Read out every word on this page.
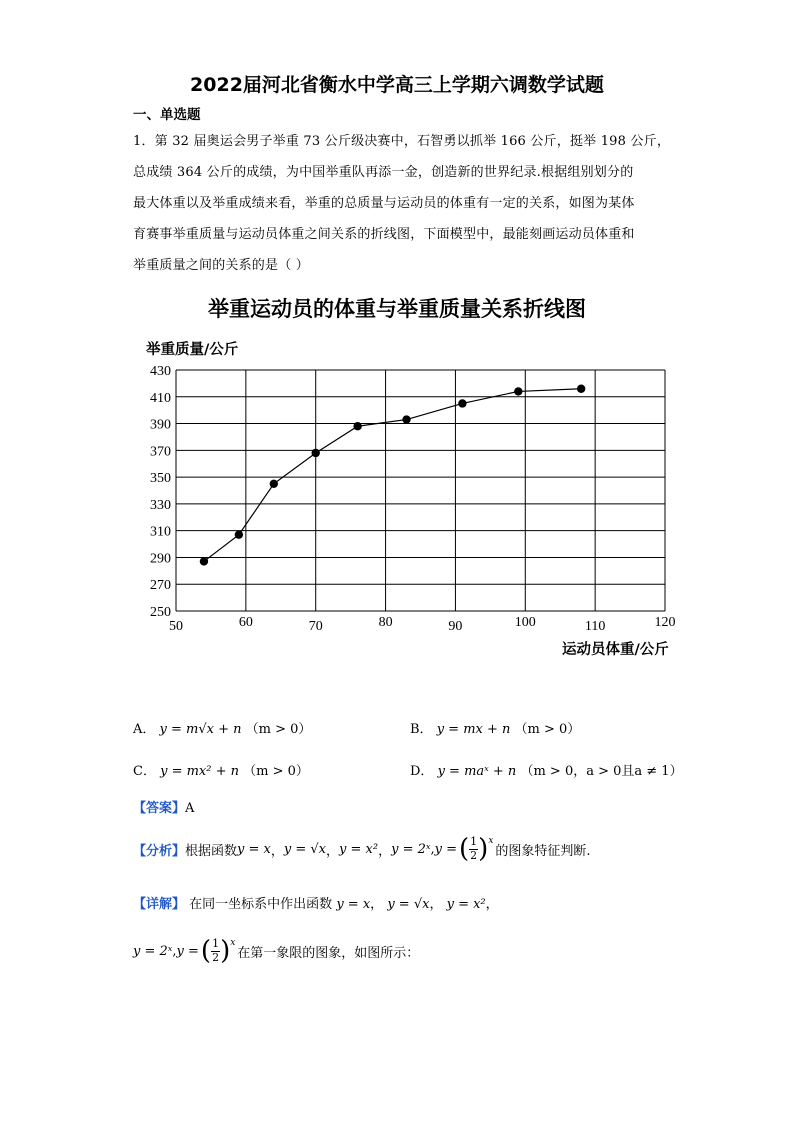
2022届河北省衡水中学高三上学期六调数学试题
一、单选题
1．第 32 届奥运会男子举重 73 公斤级决赛中，石智勇以抓举 166 公斤，挺举 198 公斤，
总成绩 364 公斤的成绩，为中国举重队再添一金，创造新的世界纪录.根据组别划分的
最大体重以及举重成绩来看，举重的总质量与运动员的体重有一定的关系，如图为某体
育赛事举重质量与运动员体重之间关系的折线图，下面模型中，最能刻画运动员体重和
举重质量之间的关系的是（ ）
举重运动员的体重与举重质量关系折线图
举重质量/公斤
运动员体重/公斤
250
270
290
310
330
350
370
390
410
430
50	60	70	80	90	100	110	120
A． y = m√x + n （m > 0）	B． y = mx + n （m > 0）
C． y = mx² + n （m > 0）	D． y = maˣ + n （m > 0，a > 0且a ≠ 1）
【答案】A
【分析】 根据函数 y = x ， y = √x ， y = x² ， y = 2ˣ , y = ( 1
2 )$^x$
的图象特征判断.
【详解】 在同一坐标系中作出函数 y = x， y = √x， y = x²，
y = 2ˣ , y = ( 1
2 )$^x$
在第一象限的图象，如图所示：
